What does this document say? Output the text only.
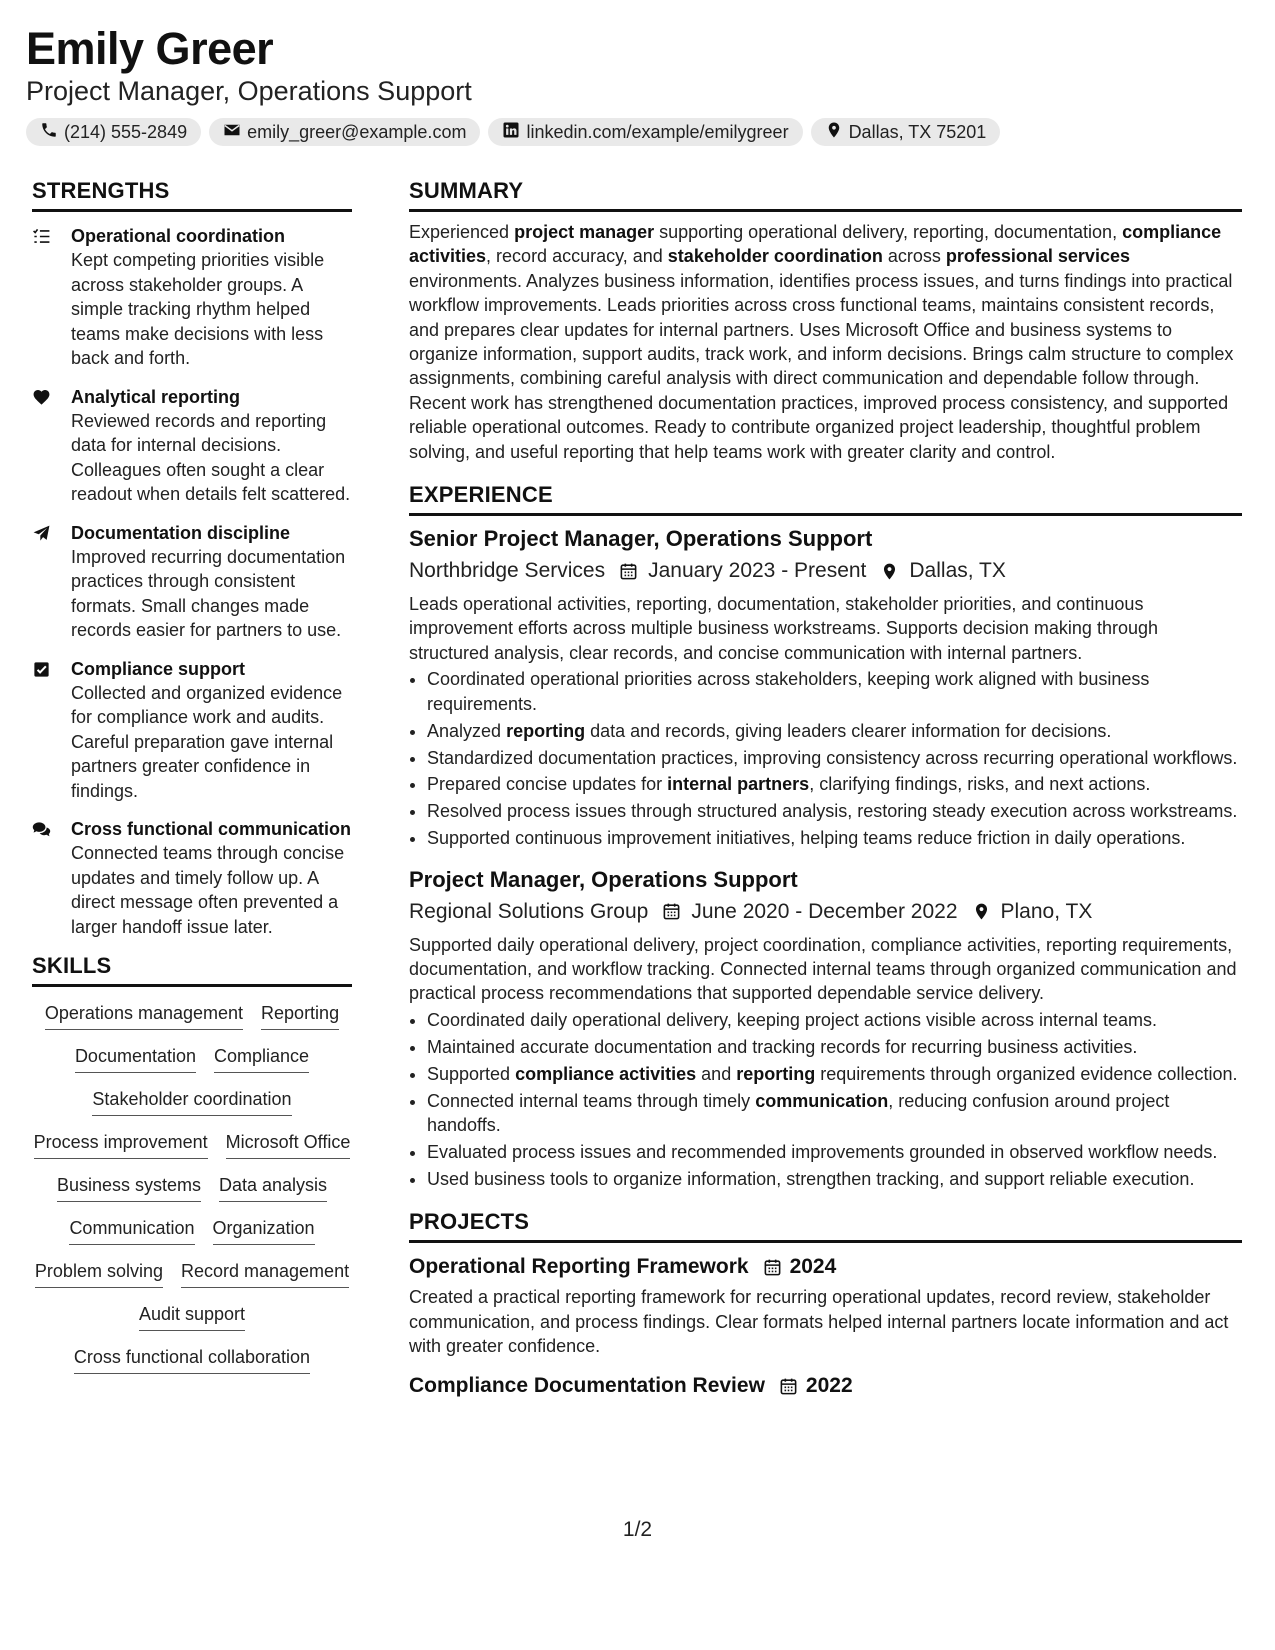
Emily Greer
Project Manager, Operations Support
(214) 555-2849	emily_greer@example.com	linkedin.com/example/emilygreer	Dallas, TX 75201
STRENGTHS
Operational coordination
Kept competing priorities visible across stakeholder groups. A simple tracking rhythm helped teams make decisions with less back and forth.
Analytical reporting
Reviewed records and reporting data for internal decisions. Colleagues often sought a clear readout when details felt scattered.
Documentation discipline
Improved recurring documentation practices through consistent formats. Small changes made records easier for partners to use.
Compliance support
Collected and organized evidence for compliance work and audits. Careful preparation gave internal partners greater confidence in findings.
Cross functional communication
Connected teams through concise updates and timely follow up. A direct message often prevented a larger handoff issue later.
SKILLS
Operations management Reporting
Documentation Compliance
Stakeholder coordination
Process improvement Microsoft Office
Business systems Data analysis
Communication Organization
Problem solving Record management
Audit support
Cross functional collaboration
SUMMARY
Experienced project manager supporting operational delivery, reporting, documentation, compliance activities, record accuracy, and stakeholder coordination across professional services environments. Analyzes business information, identifies process issues, and turns findings into practical workflow improvements. Leads priorities across cross functional teams, maintains consistent records, and prepares clear updates for internal partners. Uses Microsoft Office and business systems to organize information, support audits, track work, and inform decisions. Brings calm structure to complex assignments, combining careful analysis with direct communication and dependable follow through. Recent work has strengthened documentation practices, improved process consistency, and supported reliable operational outcomes. Ready to contribute organized project leadership, thoughtful problem solving, and useful reporting that help teams work with greater clarity and control.
EXPERIENCE
Senior Project Manager, Operations Support
Northbridge Services January 2023 - Present Dallas, TX
Leads operational activities, reporting, documentation, stakeholder priorities, and continuous improvement efforts across multiple business workstreams. Supports decision making through structured analysis, clear records, and concise communication with internal partners.
• Coordinated operational priorities across stakeholders, keeping work aligned with business requirements.
• Analyzed reporting data and records, giving leaders clearer information for decisions.
• Standardized documentation practices, improving consistency across recurring operational workflows.
• Prepared concise updates for internal partners, clarifying findings, risks, and next actions.
• Resolved process issues through structured analysis, restoring steady execution across workstreams.
• Supported continuous improvement initiatives, helping teams reduce friction in daily operations.
Project Manager, Operations Support
Regional Solutions Group June 2020 - December 2022 Plano, TX
Supported daily operational delivery, project coordination, compliance activities, reporting requirements, documentation, and workflow tracking. Connected internal teams through organized communication and practical process recommendations that supported dependable service delivery.
• Coordinated daily operational delivery, keeping project actions visible across internal teams.
• Maintained accurate documentation and tracking records for recurring business activities.
• Supported compliance activities and reporting requirements through organized evidence collection.
• Connected internal teams through timely communication, reducing confusion around project handoffs.
• Evaluated process issues and recommended improvements grounded in observed workflow needs.
• Used business tools to organize information, strengthen tracking, and support reliable execution.
PROJECTS
Operational Reporting Framework 2024
Created a practical reporting framework for recurring operational updates, record review, stakeholder communication, and process findings. Clear formats helped internal partners locate information and act with greater confidence.
Compliance Documentation Review 2022
1/2
